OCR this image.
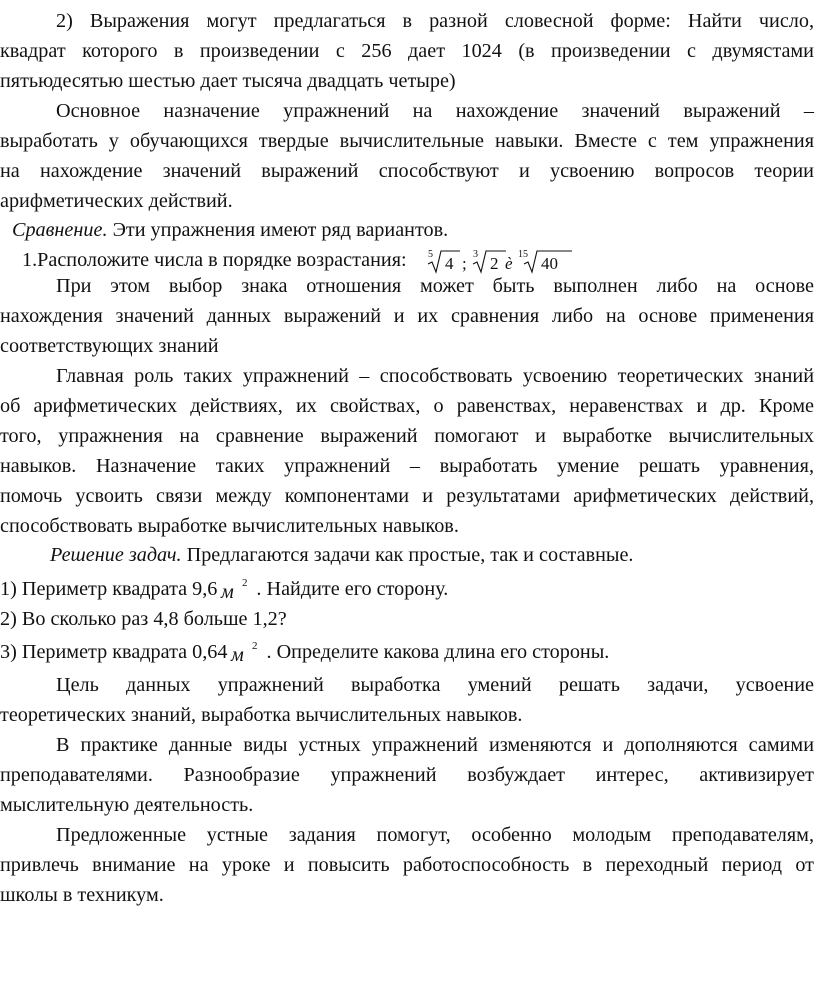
2) Выражения могут предлагаться в разной словесной форме: Найти число,
квадрат которого в произведении с 256 дает 1024 (в произведении с двумястами
пятьюдесятью шестью дает тысяча двадцать четыре)
Основное назначение упражнений на нахождение значений выражений –
выработать у обучающихся твердые вычислительные навыки. Вместе с тем упражнения
на нахождение значений выражений способствуют и усвоению вопросов теории
арифметических действий.
Сравнение. Эти упражнения имеют ряд вариантов.
1.Расположите числа в порядке возрастания: 5 4 ; 3 2 è 15 40
При этом выбор знака отношения может быть выполнен либо на основе
нахождения значений данных выражений и их сравнения либо на основе применения
соответствующих знаний
Главная роль таких упражнений – способствовать усвоению теоретических знаний
об арифметических действиях, их свойствах, о равенствах, неравенствах и др. Кроме
того, упражнения на сравнение выражений помогают и выработке вычислительных
навыков. Назначение таких упражнений – выработать умение решать уравнения,
помочь усвоить связи между компонентами и результатами арифметических действий,
способствовать выработке вычислительных навыков.
Решение задач. Предлагаются задачи как простые, так и составные.
1) Периметр квадрата 9,6 м 2 . Найдите его сторону.
2) Во сколько раз 4,8 больше 1,2?
3) Периметр квадрата 0,64 м 2 . Определите какова длина его стороны.
Цель данных упражнений выработка умений решать задачи, усвоение
теоретических знаний, выработка вычислительных навыков.
В практике данные виды устных упражнений изменяются и дополняются самими
преподавателями. Разнообразие упражнений возбуждает интерес, активизирует
мыслительную деятельность.
Предложенные устные задания помогут, особенно молодым преподавателям,
привлечь внимание на уроке и повысить работоспособность в переходный период от
школы в техникум.
